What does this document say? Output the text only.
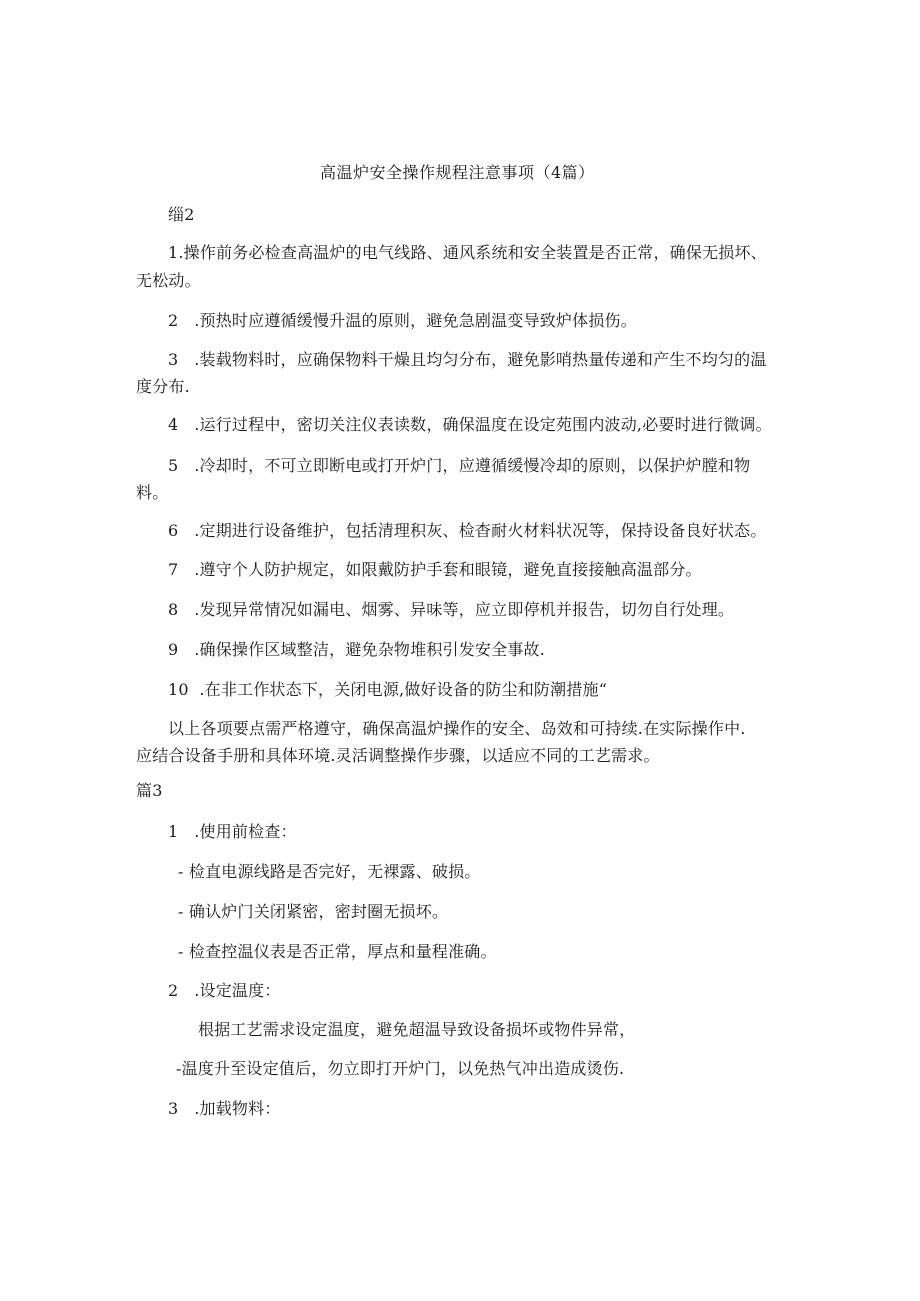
高温炉安全操作规程注意事项（4篇）
缁2
1.操作前务必检查高温炉的电气线路、通风系统和安全装置是否正常，确保无损坏、
无松动。
2 .预热时应遵循缓慢升温的原则，避免急剧温变导致炉体损伤。
3 .装载物料时，应确保物料干燥且均匀分布，避免影哨热量传递和产生不均匀的温
度分布.
4 .运行过程中，密切关注仪表读数，确保温度在设定苑围内波动,必要时进行微调。
5 .冷却时，不可立即断电或打开炉门，应遵循缓慢冷却的原则，以保护炉膛和物
料。
6 .定期进行设备维护，包括清理积灰、检杳耐火材料状况等，保持设备良好状态。
7 .遵守个人防护规定，如限戴防护手套和眼镜，避免直接接触高温部分。
8 .发现异常情况如漏电、烟雾、异味等，应立即停机并报告，切勿自行处理。
9 .确保操作区域整洁，避免杂物堆积引发安全事故.
10 .在非工作状态下，关闭电源,做好设备的防尘和防潮措施“
以上各项要点需严格遵守，确保高温炉操作的安全、岛效和可持续.在实际操作中.
应结合设备手册和具体环境.灵活调整操作步骤，以适应不同的工艺需求。
篇3
1 .使用前检查：
- 检直电源线路是否完好，无裸露、破损。
- 确认炉门关闭紧密，密封圈无损坏。
- 检查控温仪表是否正常，厚点和量程准确。
2 .设定温度：
根据工艺需求设定温度，避免超温导致设备损坏或物件异常，
-温度升至设定值后，勿立即打开炉门，以免热气冲出造成烫伤.
3 .加载物料：
